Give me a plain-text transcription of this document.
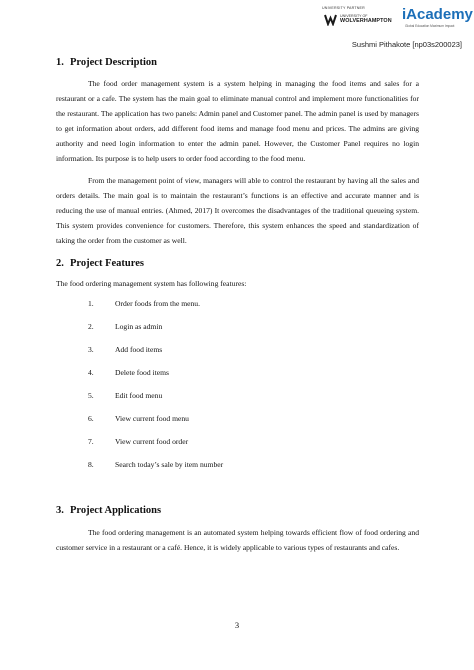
UNIVERSITY PARTNER
UNIVERSITY OF
WOLVERHAMPTON iAcademy
Global Education Maximum Impact
Sushmi Pithakote [np03s200023]
1. Project Description

The food order management system is a system helping in managing the food items and sales for a restaurant or a cafe. The system has the main goal to eliminate manual control and implement more functionalities for the restaurant. The application has two panels: Admin panel and Customer panel. The admin panel is used by managers to get information about orders, add different food items and manage food menu and prices. The admins are giving authority and need login information to enter the admin panel. However, the Customer Panel requires no login information. Its purpose is to help users to order food according to the food menu.

From the management point of view, managers will able to control the restaurant by having all the sales and orders details. The main goal is to maintain the restaurant’s functions is an effective and accurate manner and is reducing the use of manual entries. (Ahmed, 2017) It overcomes the disadvantages of the traditional queueing system. This system provides convenience for customers. Therefore, this system enhances the speed and standardization of taking the order from the customer as well.

2. Project Features

The food ordering management system has following features:

1.	Order foods from the menu.
2.	Login as admin
3.	Add food items
4.	Delete food items
5.	Edit food menu
6.	View current food menu
7.	View current food order
8.	Search today’s sale by item number
3. Project Applications

The food ordering management is an automated system helping towards efficient flow of food ordering and customer service in a restaurant or a café. Hence, it is widely applicable to various types of restaurants and cafes.

3
